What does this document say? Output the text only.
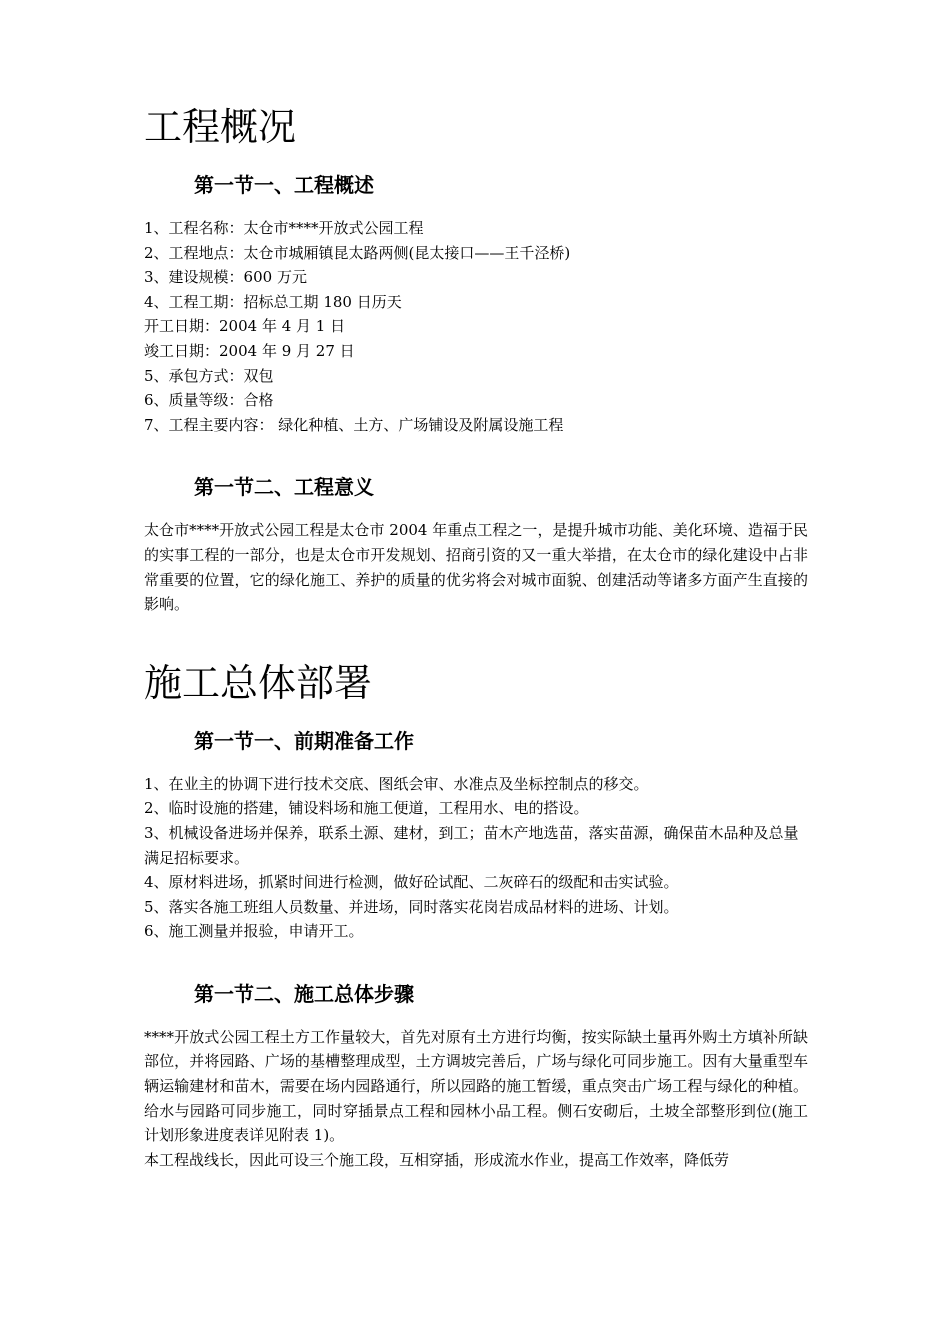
工程概况
第一节一、工程概述
1、工程名称：太仓市****开放式公园工程
2、工程地点：太仓市城厢镇昆太路两侧(昆太接口——王千泾桥)
3、建设规模：600 万元
4、工程工期：招标总工期 180 日历天
开工日期：2004 年 4 月 1 日
竣工日期：2004 年 9 月 27 日
5、承包方式：双包
6、质量等级：合格
7、工程主要内容： 绿化种植、土方、广场铺设及附属设施工程
第一节二、工程意义

太仓市****开放式公园工程是太仓市 2004 年重点工程之一，是提升城市功能、美化环境、造福于民的实事工程的一部分，也是太仓市开发规划、招商引资的又一重大举措，在太仓市的绿化建设中占非常重要的位置，它的绿化施工、养护的质量的优劣将会对城市面貌、创建活动等诸多方面产生直接的影响。

施工总体部署
第一节一、前期准备工作
1、在业主的协调下进行技术交底、图纸会审、水准点及坐标控制点的移交。
2、临时设施的搭建，铺设料场和施工便道，工程用水、电的搭设。
3、机械设备进场并保养，联系土源、建材，到工；苗木产地选苗，落实苗源，确保苗木品种及总量满足招标要求。
4、原材料进场，抓紧时间进行检测，做好砼试配、二灰碎石的级配和击实试验。
5、落实各施工班组人员数量、并进场，同时落实花岗岩成品材料的进场、计划。
6、施工测量并报验，申请开工。
第一节二、施工总体步骤

****开放式公园工程土方工作量较大，首先对原有土方进行均衡，按实际缺土量再外购土方填补所缺部位，并将园路、广场的基槽整理成型，土方调坡完善后，广场与绿化可同步施工。因有大量重型车辆运输建材和苗木，需要在场内园路通行，所以园路的施工暂缓，重点突击广场工程与绿化的种植。给水与园路可同步施工，同时穿插景点工程和园林小品工程。侧石安砌后，土坡全部整形到位(施工计划形象进度表详见附表 1)。

本工程战线长，因此可设三个施工段，互相穿插，形成流水作业，提高工作效率，降低劳
